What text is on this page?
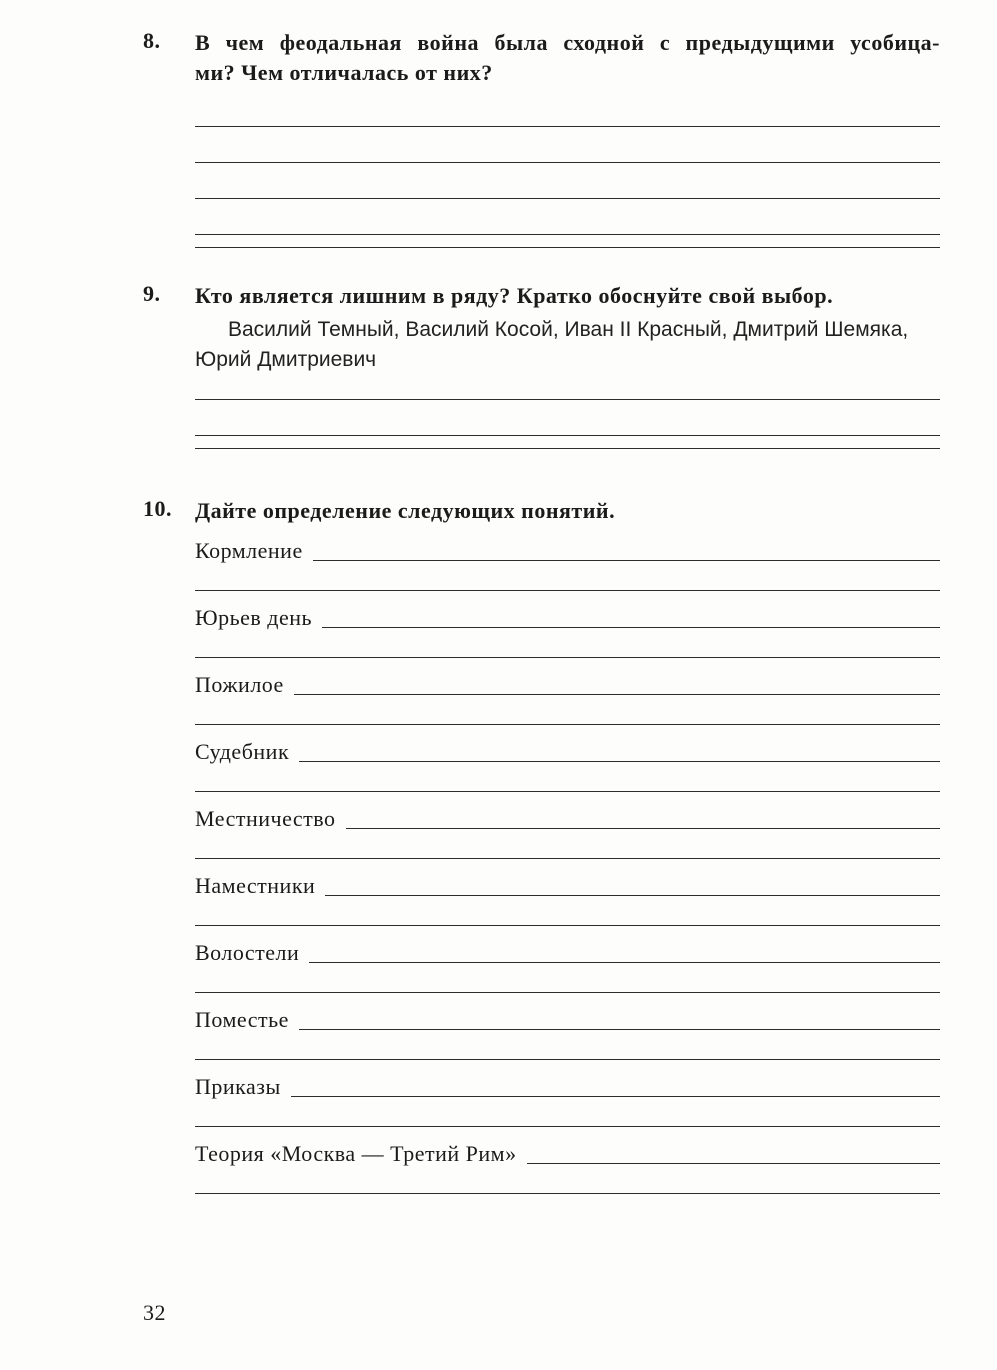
8.	В чем феодальная война была сходной с предыдущими усобица-
ми? Чем отличалась от них?
9.	Кто является лишним в ряду? Кратко обоснуйте свой выбор.
Василий Темный, Василий Косой, Иван II Красный, Дмитрий Шемяка,
Юрий Дмитриевич
10.	Дайте определение следующих понятий.
Кормление
Юрьев день
Пожилое
Судебник
Местничество
Наместники
Волостели
Поместье
Приказы
Теория «Москва — Третий Рим»
32
